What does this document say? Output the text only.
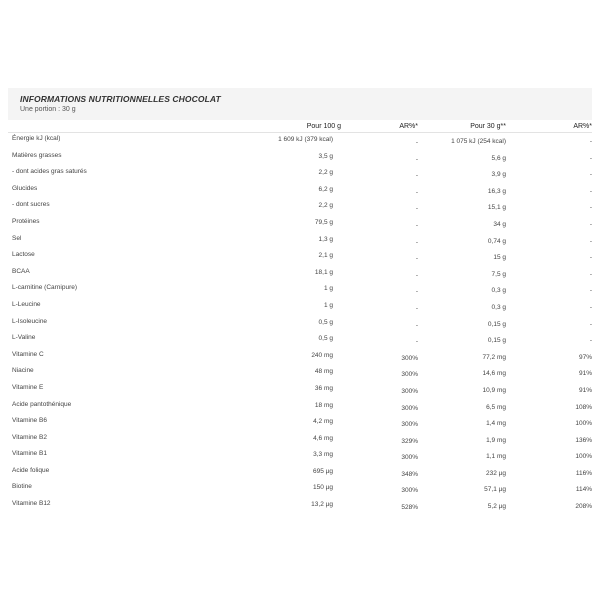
INFORMATIONS NUTRITIONNELLES CHOCOLAT
Une portion : 30 g
Pour 100 g	AR%*	Pour 30 g**	AR%*
Énergie kJ (kcal)	1 609 kJ (379 kcal)	-	1 075 kJ (254 kcal)	-
Matières grasses	3,5 g	-	5,6 g	-
- dont acides gras saturés	2,2 g	-	3,9 g	-
Glucides	6,2 g	-	16,3 g	-
- dont sucres	2,2 g	-	15,1 g	-
Protéines	79,5 g	-	34 g	-
Sel	1,3 g	-	0,74 g	-
Lactose	2,1 g	-	15 g	-
BCAA	18,1 g	-	7,5 g	-
L-carnitine (Carnipure)	1 g	-	0,3 g	-
L-Leucine	1 g	-	0,3 g	-
L-Isoleucine	0,5 g	-	0,15 g	-
L-Valine	0,5 g	-	0,15 g	-
Vitamine C	240 mg	300%	77,2 mg	97%
Niacine	48 mg	300%	14,6 mg	91%
Vitamine E	36 mg	300%	10,9 mg	91%
Acide pantothénique	18 mg	300%	6,5 mg	108%
Vitamine B6	4,2 mg	300%	1,4 mg	100%
Vitamine B2	4,6 mg	329%	1,9 mg	136%
Vitamine B1	3,3 mg	300%	1,1 mg	100%
Acide folique	695 µg	348%	232 µg	116%
Biotine	150 µg	300%	57,1 µg	114%
Vitamine B12	13,2 µg	528%	5,2 µg	208%
